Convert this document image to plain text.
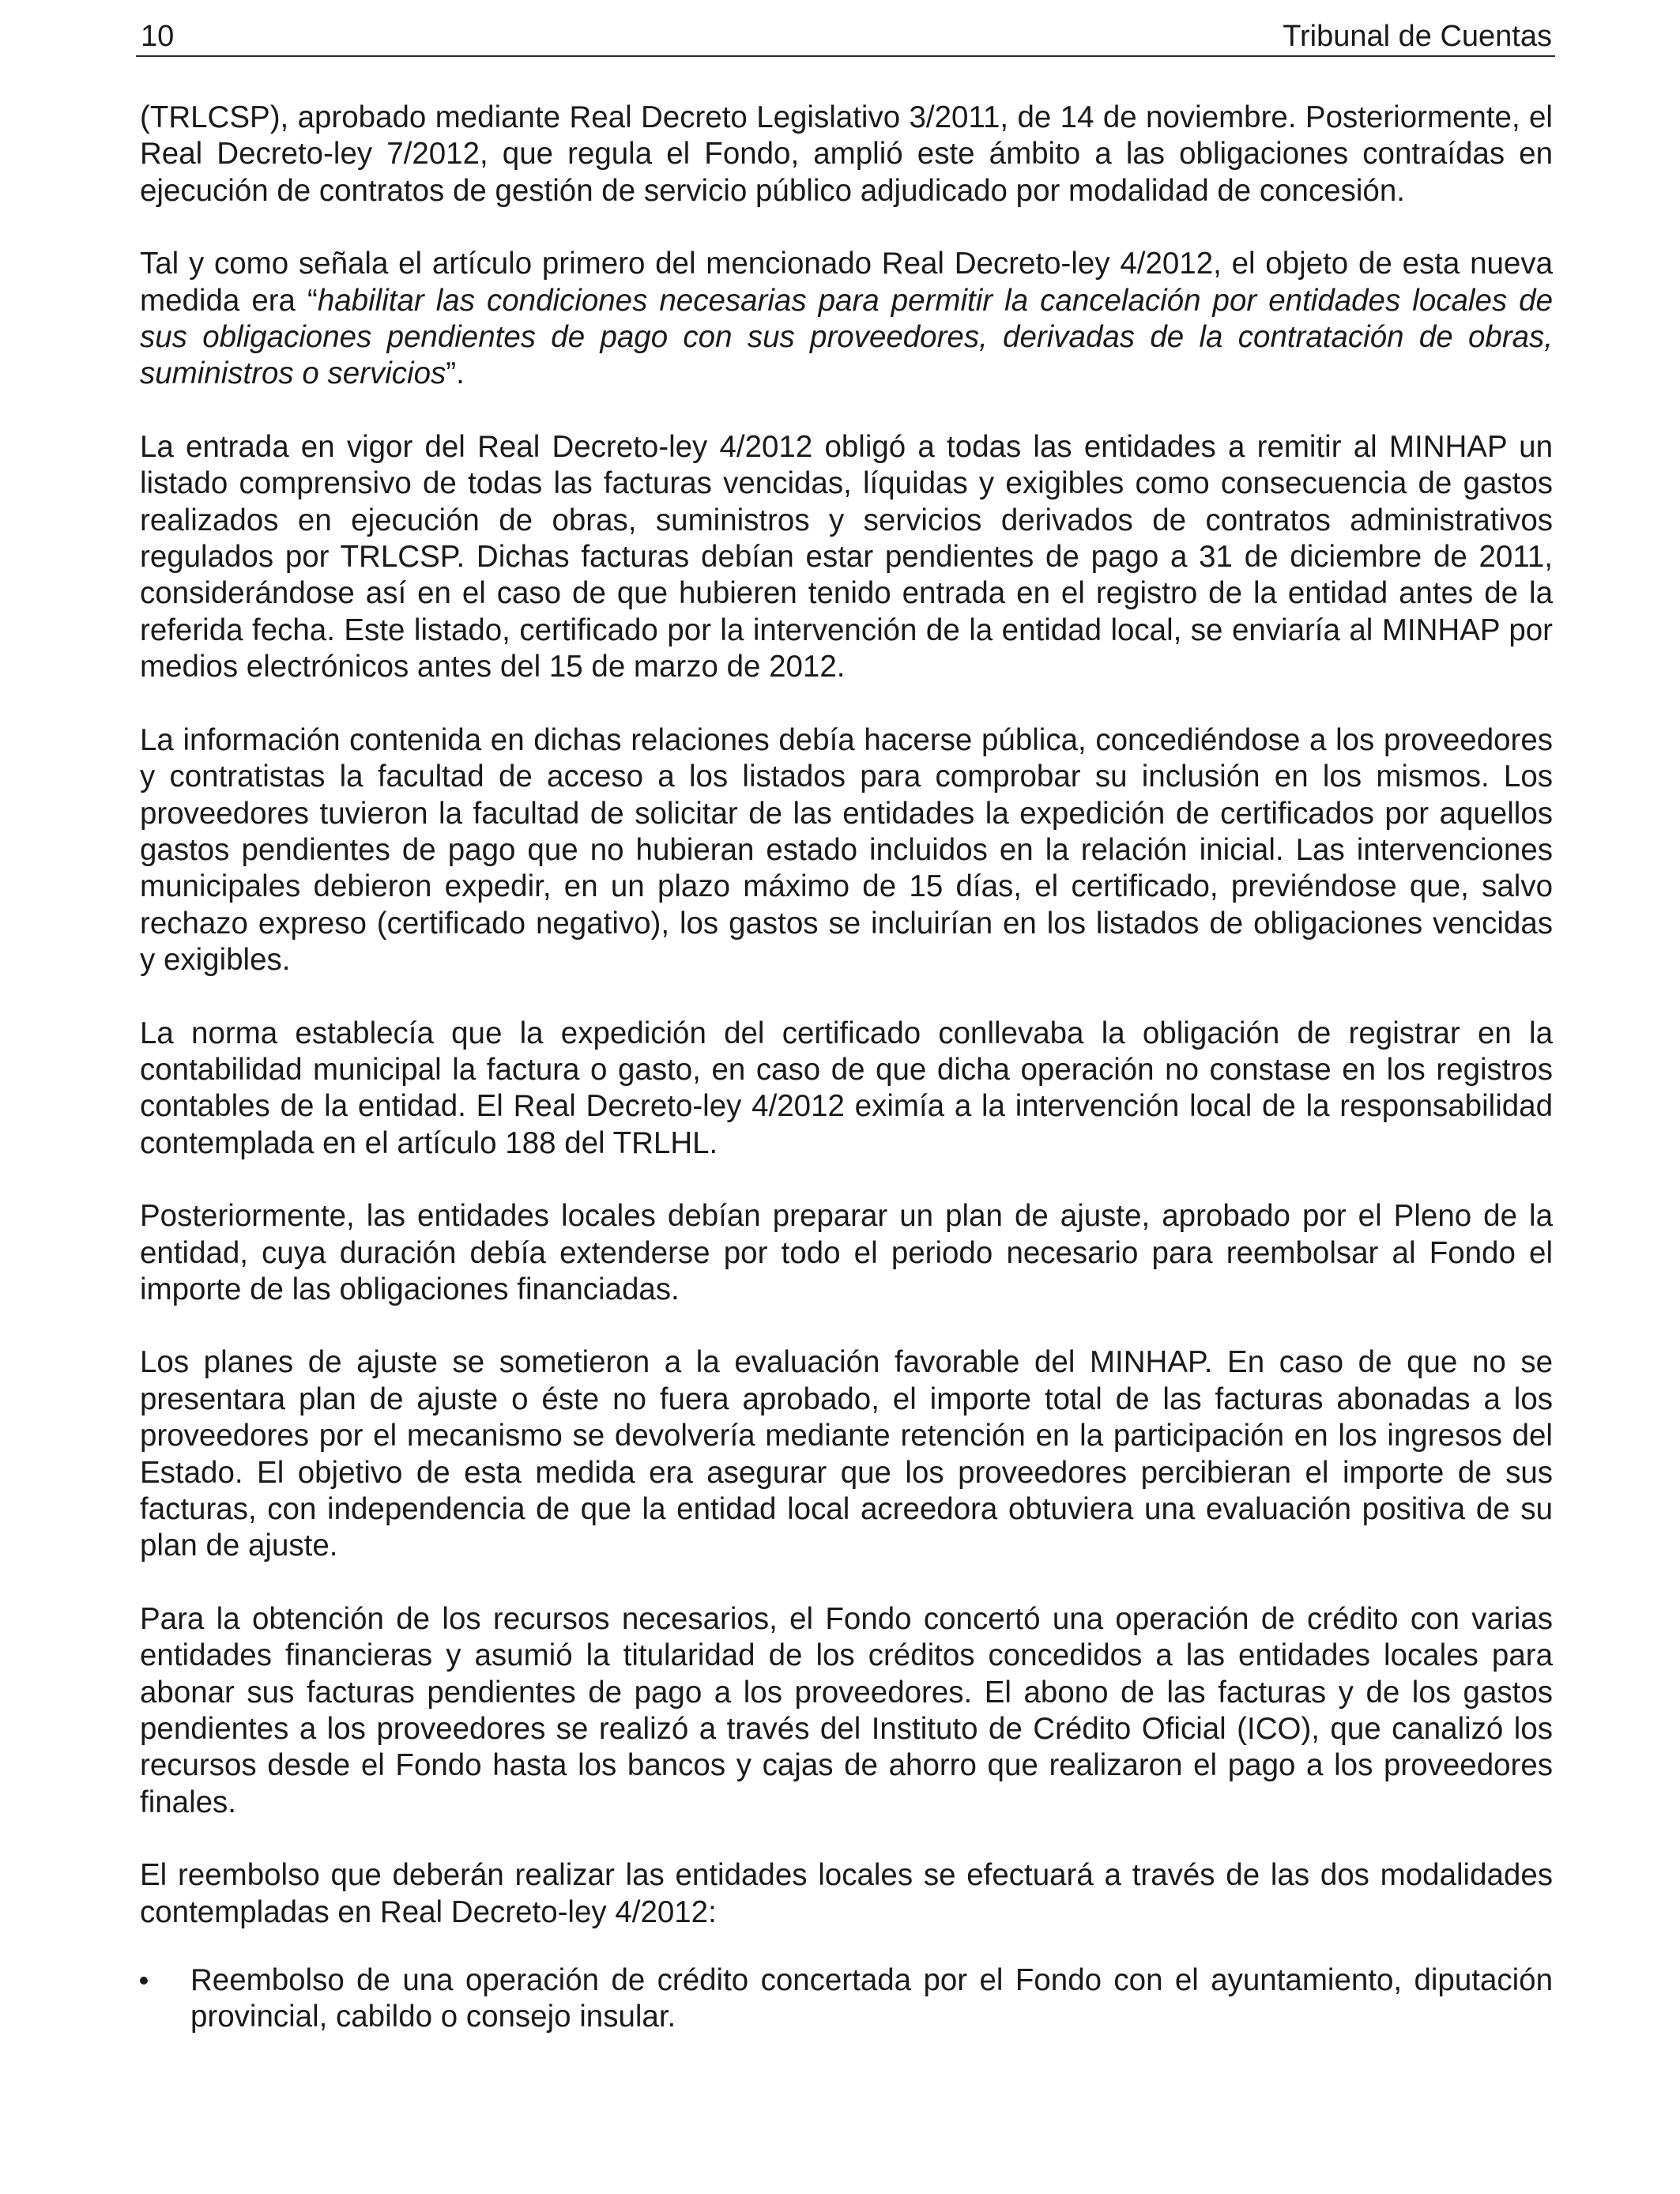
10	Tribunal de Cuentas

(TRLCSP), aprobado mediante Real Decreto Legislativo 3/2011, de 14 de noviembre. Posteriormente, el Real Decreto-ley 7/2012, que regula el Fondo, amplió este ámbito a las obligaciones contraídas en ejecución de contratos de gestión de servicio público adjudicado por modalidad de concesión.

Tal y como señala el artículo primero del mencionado Real Decreto-ley 4/2012, el objeto de esta nueva medida era “habilitar las condiciones necesarias para permitir la cancelación por entidades locales de sus obligaciones pendientes de pago con sus proveedores, derivadas de la contratación de obras, suministros o servicios”.

La entrada en vigor del Real Decreto-ley 4/2012 obligó a todas las entidades a remitir al MINHAP un listado comprensivo de todas las facturas vencidas, líquidas y exigibles como consecuencia de gastos realizados en ejecución de obras, suministros y servicios derivados de contratos administrativos regulados por TRLCSP. Dichas facturas debían estar pendientes de pago a 31 de diciembre de 2011, considerándose así en el caso de que hubieren tenido entrada en el registro de la entidad antes de la referida fecha. Este listado, certificado por la intervención de la entidad local, se enviaría al MINHAP por medios electrónicos antes del 15 de marzo de 2012.

La información contenida en dichas relaciones debía hacerse pública, concediéndose a los proveedores y contratistas la facultad de acceso a los listados para comprobar su inclusión en los mismos. Los proveedores tuvieron la facultad de solicitar de las entidades la expedición de certificados por aquellos gastos pendientes de pago que no hubieran estado incluidos en la relación inicial. Las intervenciones municipales debieron expedir, en un plazo máximo de 15 días, el certificado, previéndose que, salvo rechazo expreso (certificado negativo), los gastos se incluirían en los listados de obligaciones vencidas y exigibles.

La norma establecía que la expedición del certificado conllevaba la obligación de registrar en la contabilidad municipal la factura o gasto, en caso de que dicha operación no constase en los registros contables de la entidad. El Real Decreto-ley 4/2012 eximía a la intervención local de la responsabilidad contemplada en el artículo 188 del TRLHL.

Posteriormente, las entidades locales debían preparar un plan de ajuste, aprobado por el Pleno de la entidad, cuya duración debía extenderse por todo el periodo necesario para reembolsar al Fondo el importe de las obligaciones financiadas.

Los planes de ajuste se sometieron a la evaluación favorable del MINHAP. En caso de que no se presentara plan de ajuste o éste no fuera aprobado, el importe total de las facturas abonadas a los proveedores por el mecanismo se devolvería mediante retención en la participación en los ingresos del Estado. El objetivo de esta medida era asegurar que los proveedores percibieran el importe de sus facturas, con independencia de que la entidad local acreedora obtuviera una evaluación positiva de su plan de ajuste.

Para la obtención de los recursos necesarios, el Fondo concertó una operación de crédito con varias entidades financieras y asumió la titularidad de los créditos concedidos a las entidades locales para abonar sus facturas pendientes de pago a los proveedores. El abono de las facturas y de los gastos pendientes a los proveedores se realizó a través del Instituto de Crédito Oficial (ICO), que canalizó los recursos desde el Fondo hasta los bancos y cajas de ahorro que realizaron el pago a los proveedores finales.

El reembolso que deberán realizar las entidades locales se efectuará a través de las dos modalidades contempladas en Real Decreto-ley 4/2012:

Reembolso de una operación de crédito concertada por el Fondo con el ayuntamiento, diputación provincial, cabildo o consejo insular.
